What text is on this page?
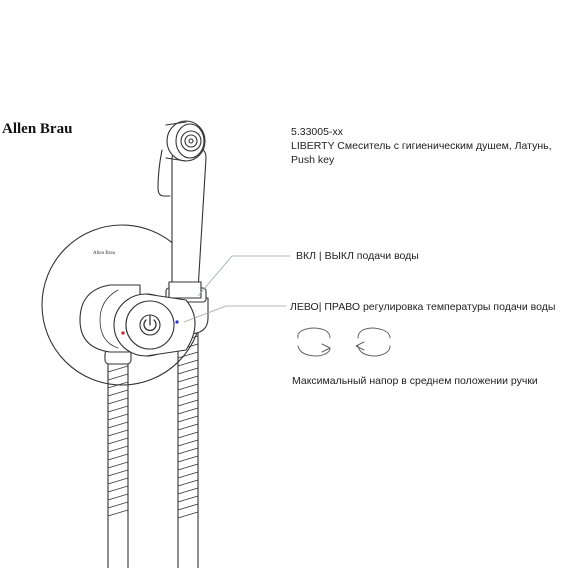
Allen Brau	5.33005-xx
LIBERTY Смеситель с гигиеническим душем, Латунь,
Push key
ВКЛ | ВЫКЛ подачи воды
ЛЕВО| ПРАВО регулировка температуры подачи воды
Максимальный напор в среднем положении ручки
Allen Brau
